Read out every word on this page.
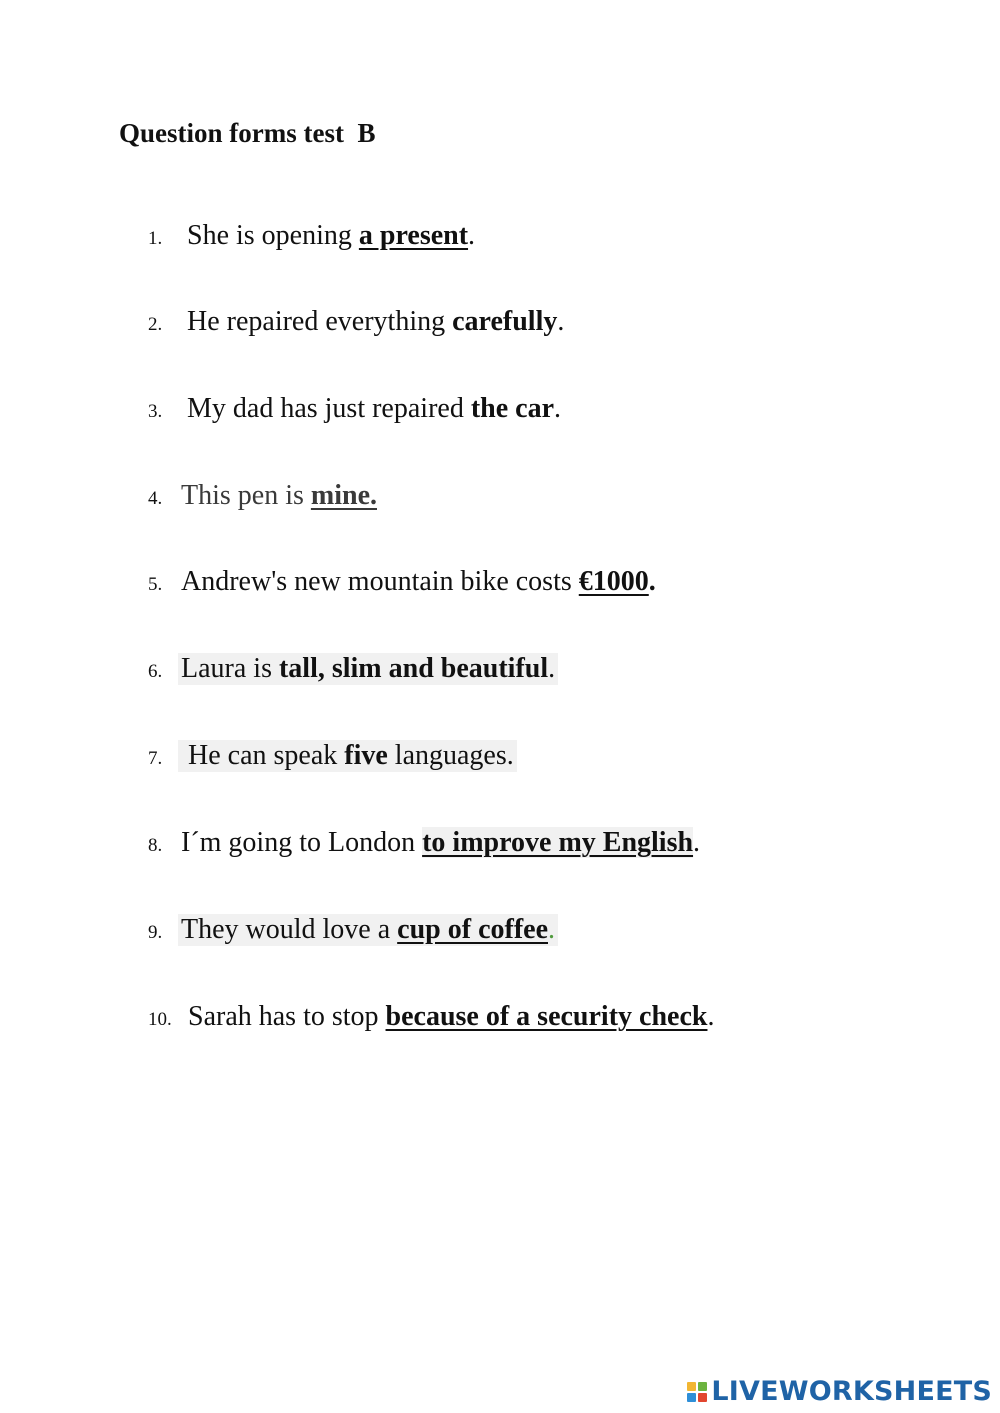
Question forms test  B
1. She is opening a present.
2. He repaired everything carefully.
3. My dad has just repaired the car.
4. This pen is mine.
5. Andrew's new mountain bike costs €1000.
6. Laura is tall, slim and beautiful.
7. He can speak five languages.
8. I´m going to London to improve my English.
9. They would love a cup of coffee.
10. Sarah has to stop because of a security check.
LIVEWORKSHEETS
